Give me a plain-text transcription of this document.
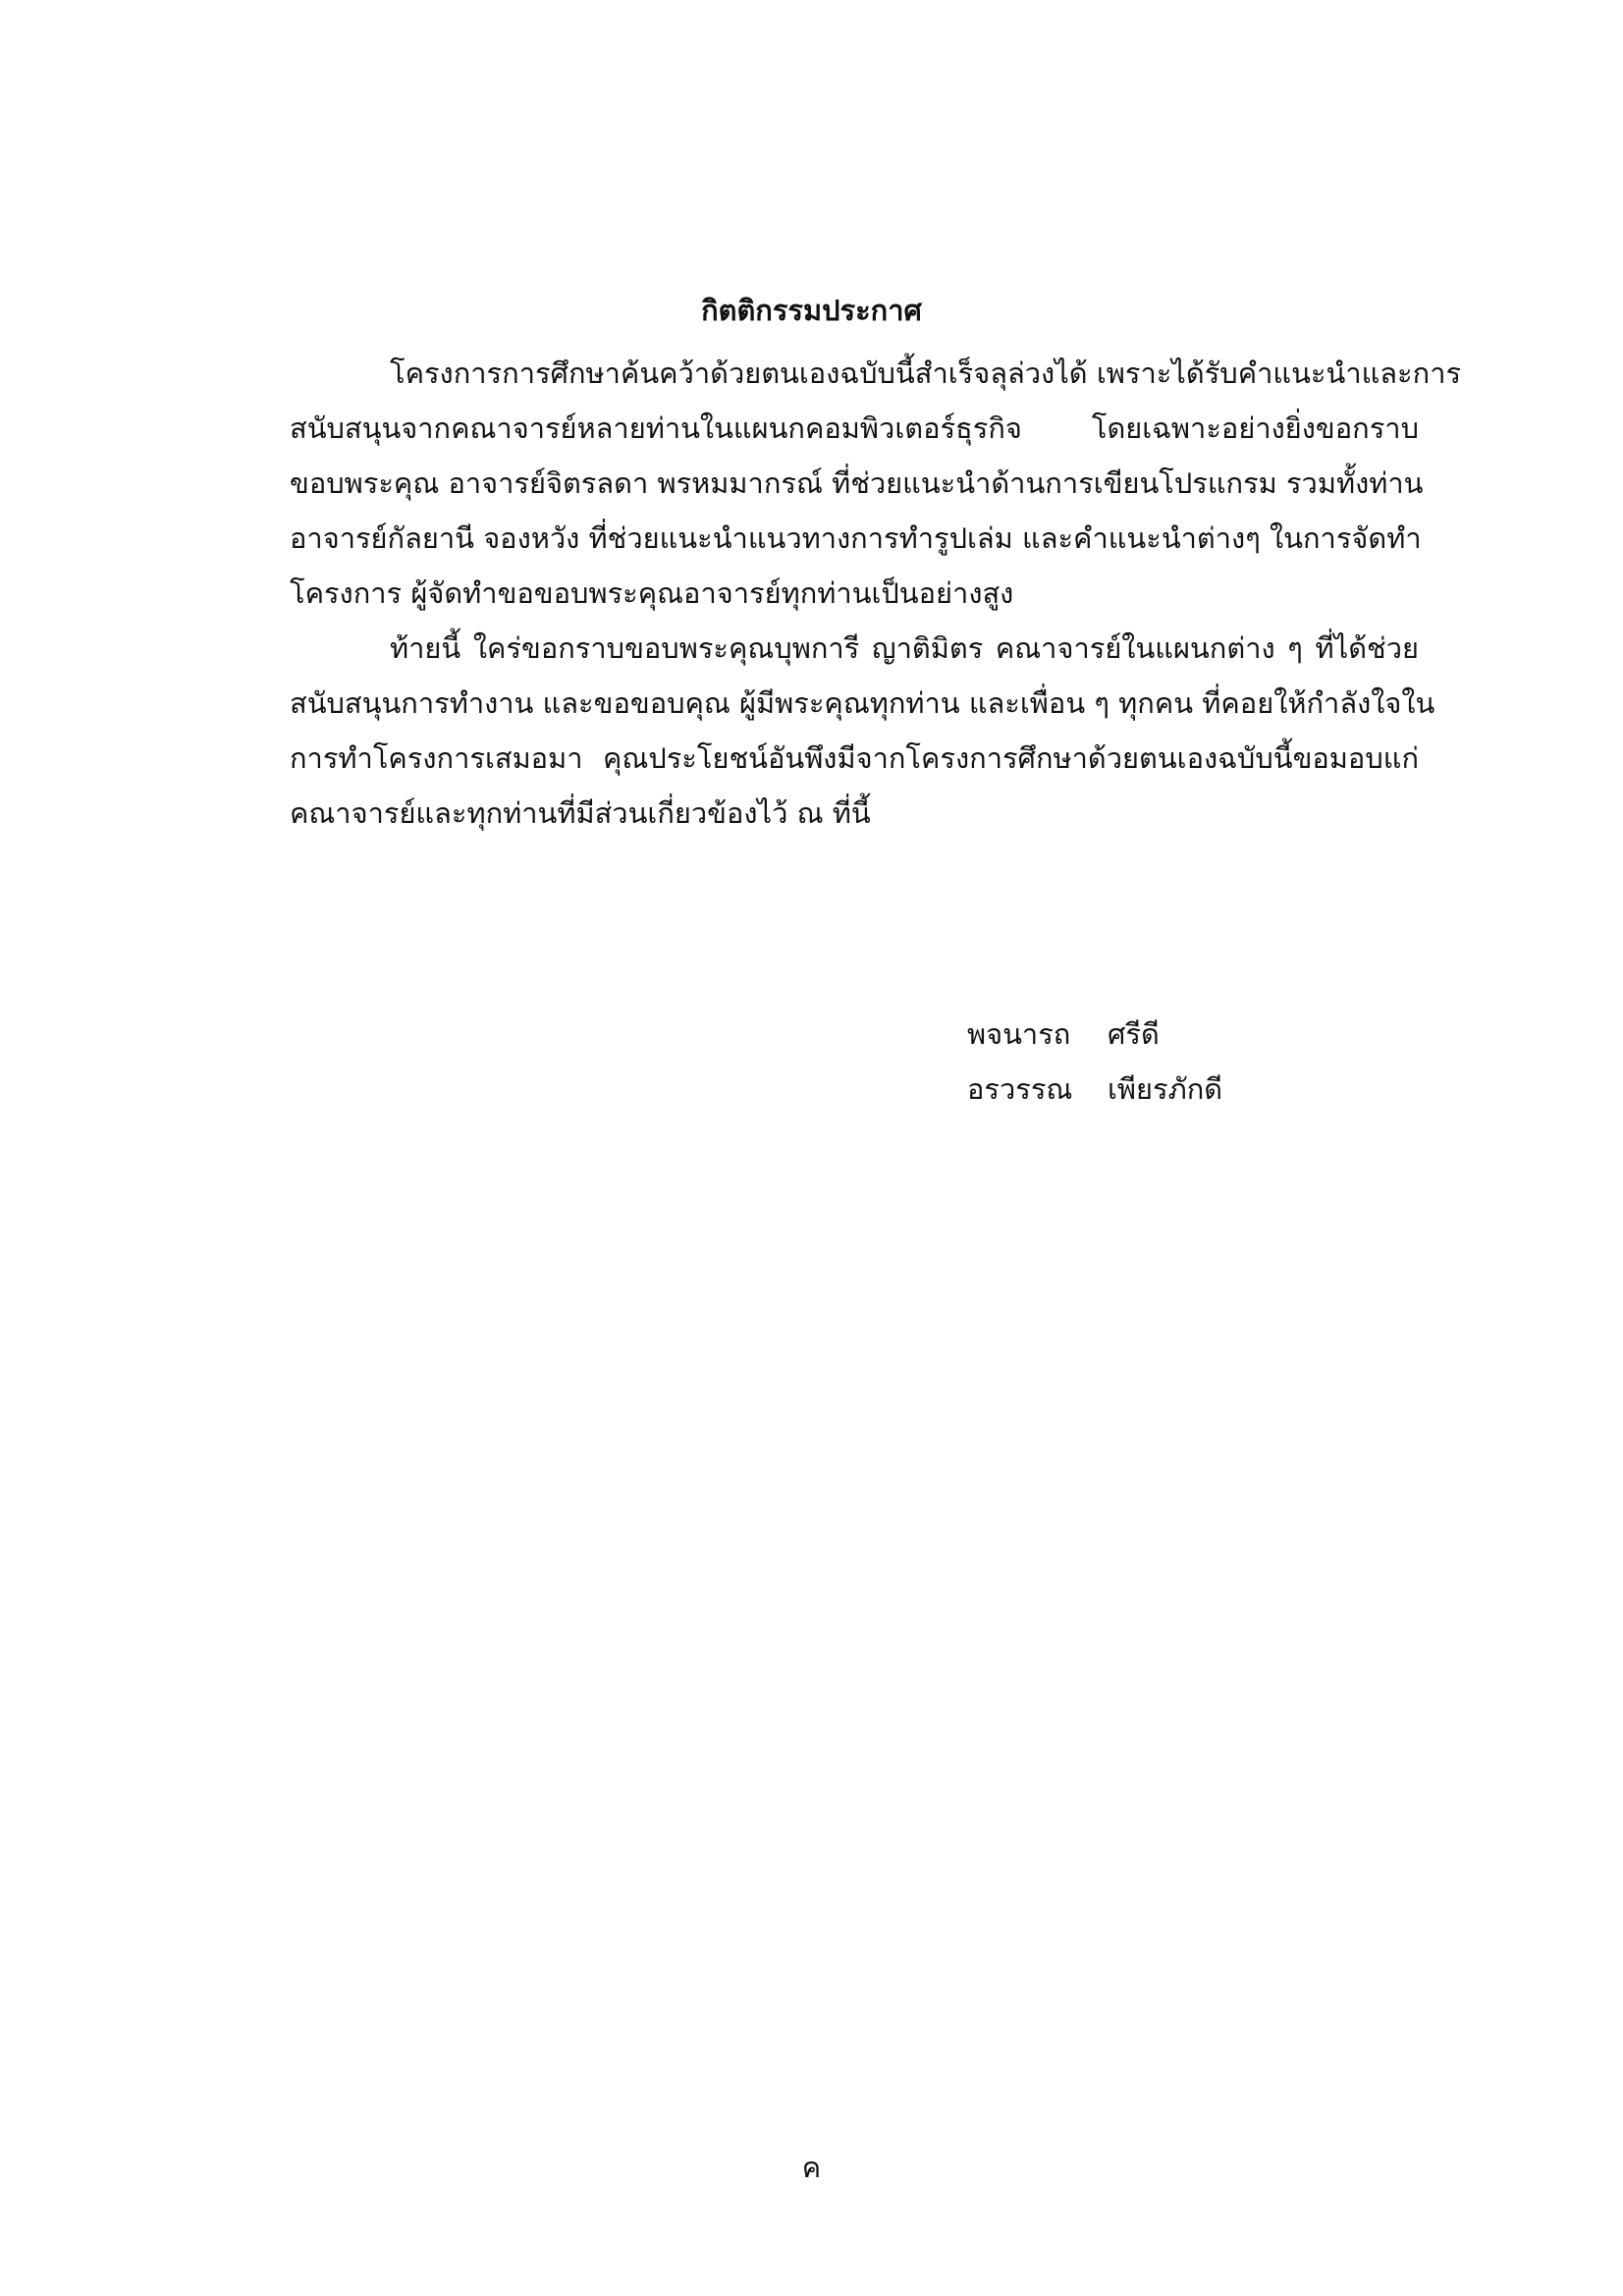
กิตติกรรมประกาศ
โครงการการศึกษาค้นคว้าด้วยตนเองฉบับนี้สำเร็จลุล่วงได้ เพราะได้รับคำแนะนำและการ
สนับสนุนจากคณาจารย์หลายท่านในแผนกคอมพิวเตอร์ธุรกิจ โดยเฉพาะอย่างยิ่งขอกราบ
ขอบพระคุณ อาจารย์จิตรลดา พรหมมากรณ์ ที่ช่วยแนะนำด้านการเขียนโปรแกรม รวมทั้งท่าน
อาจารย์กัลยานี จองหวัง ที่ช่วยแนะนำแนวทางการทำรูปเล่ม และคำแนะนำต่างๆ ในการจัดทำ
โครงการ ผู้จัดทำขอขอบพระคุณอาจารย์ทุกท่านเป็นอย่างสูง
ท้ายนี้ ใคร่ขอกราบขอบพระคุณบุพการี ญาติมิตร คณาจารย์ในแผนกต่าง ๆ ที่ได้ช่วย
สนับสนุนการทำงาน และขอขอบคุณ ผู้มีพระคุณทุกท่าน และเพื่อน ๆ ทุกคน ที่คอยให้กำลังใจใน
การทำโครงการเสมอมา คุณประโยชน์อันพึงมีจากโครงการศึกษาด้วยตนเองฉบับนี้ขอมอบแก่
คณาจารย์และทุกท่านที่มีส่วนเกี่ยวข้องไว้ ณ ที่นี้
พจนารถ	ศรีดี
อรวรรณ	เพียรภักดี
ค
